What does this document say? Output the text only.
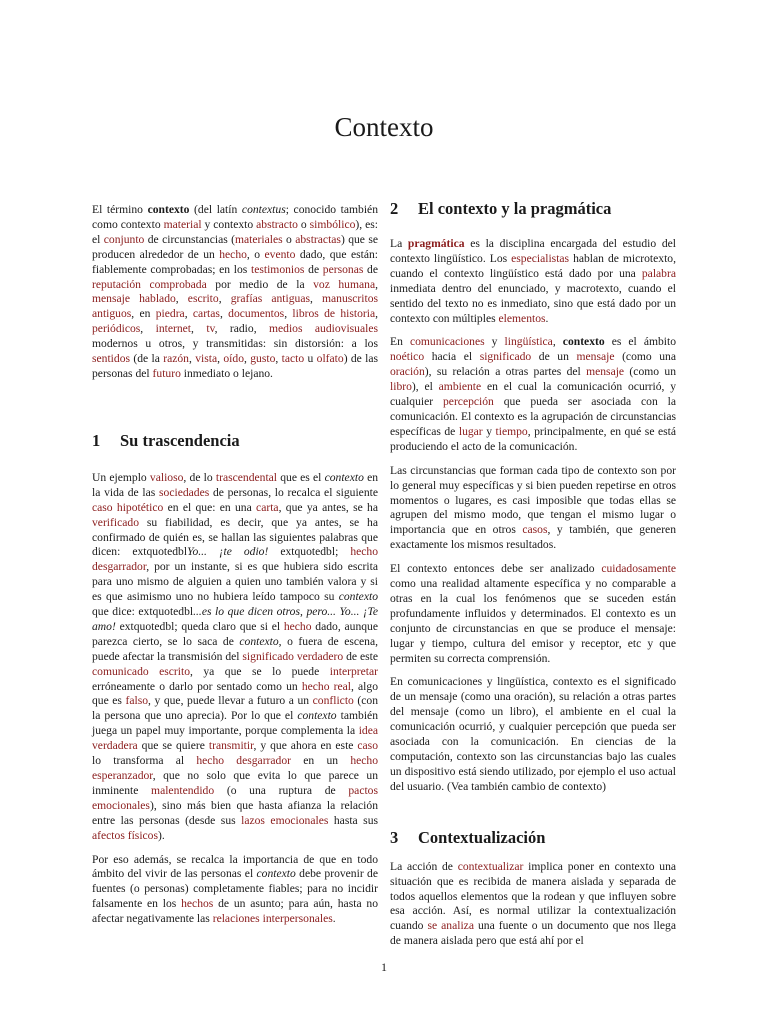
Contexto

El término contexto (del latín contextus; conocido también como contexto material y contexto abstracto o simbólico), es: el conjunto de circunstancias (materiales o abstractas) que se producen alrededor de un hecho, o evento dado, que están: fiablemente comprobadas; en los testimonios de personas de reputación comprobada por medio de la voz humana, mensaje hablado, escrito, grafías antiguas, manuscritos antiguos, en piedra, cartas, documentos, libros de historia, periódicos, internet, tv, radio, medios audiovisuales modernos u otros, y transmitidas: sin distorsión: a los sentidos (de la razón, vista, oído, gusto, tacto u olfato) de las personas del futuro inmediato o lejano.

1 Su trascendencia

Un ejemplo valioso, de lo trascendental que es el contexto en la vida de las sociedades de personas, lo recalca el siguiente caso hipotético en el que: en una carta, que ya antes, se ha verificado su fiabilidad, es decir, que ya antes, se ha confirmado de quién es, se hallan las siguientes palabras que dicen: extquotedblYo... ¡te odio! extquotedbl; hecho desgarrador, por un instante, si es que hubiera sido escrita para uno mismo de alguien a quien uno también valora y si es que asimismo uno no hubiera leído tampoco su contexto que dice: extquotedbl...es lo que dicen otros, pero... Yo... ¡Te amo! extquotedbl; queda claro que si el hecho dado, aunque parezca cierto, se lo saca de contexto, o fuera de escena, puede afectar la transmisión del significado verdadero de este comunicado escrito, ya que se lo puede interpretar erróneamente o darlo por sentado como un hecho real, algo que es falso, y que, puede llevar a futuro a un conflicto (con la persona que uno aprecia). Por lo que el contexto también juega un papel muy importante, porque complementa la idea verdadera que se quiere transmitir, y que ahora en este caso lo transforma al hecho desgarrador en un hecho esperanzador, que no solo que evita lo que parece un inminente malentendido (o una ruptura de pactos emocionales), sino más bien que hasta afianza la relación entre las personas (desde sus lazos emocionales hasta sus afectos físicos).

Por eso además, se recalca la importancia de que en todo ámbito del vivir de las personas el contexto debe provenir de fuentes (o personas) completamente fiables; para no incidir falsamente en los hechos de un asunto; para aún, hasta no afectar negativamente las relaciones interpersonales.

2 El contexto y la pragmática

La pragmática es la disciplina encargada del estudio del contexto lingüístico. Los especialistas hablan de microtexto, cuando el contexto lingüístico está dado por una palabra inmediata dentro del enunciado, y macrotexto, cuando el sentido del texto no es inmediato, sino que está dado por un contexto con múltiples elementos.

En comunicaciones y lingüística, contexto es el ámbito noético hacia el significado de un mensaje (como una oración), su relación a otras partes del mensaje (como un libro), el ambiente en el cual la comunicación ocurrió, y cualquier percepción que pueda ser asociada con la comunicación. El contexto es la agrupación de circunstancias específicas de lugar y tiempo, principalmente, en qué se está produciendo el acto de la comunicación.

Las circunstancias que forman cada tipo de contexto son por lo general muy específicas y si bien pueden repetirse en otros momentos o lugares, es casi imposible que todas ellas se agrupen del mismo modo, que tengan el mismo lugar o importancia que en otros casos, y también, que generen exactamente los mismos resultados.

El contexto entonces debe ser analizado cuidadosamente como una realidad altamente específica y no comparable a otras en la cual los fenómenos que se suceden están profundamente influidos y determinados. El contexto es un conjunto de circunstancias en que se produce el mensaje: lugar y tiempo, cultura del emisor y receptor, etc y que permiten su correcta comprensión.

En comunicaciones y lingüística, contexto es el significado de un mensaje (como una oración), su relación a otras partes del mensaje (como un libro), el ambiente en el cual la comunicación ocurrió, y cualquier percepción que pueda ser asociada con la comunicación. En ciencias de la computación, contexto son las circunstancias bajo las cuales un dispositivo está siendo utilizado, por ejemplo el uso actual del usuario. (Vea también cambio de contexto)

3 Contextualización

La acción de contextualizar implica poner en contexto una situación que es recibida de manera aislada y separada de todos aquellos elementos que la rodean y que influyen sobre esa acción. Así, es normal utilizar la contextualización cuando se analiza una fuente o un documento que nos llega de manera aislada pero que está ahí por el

1
